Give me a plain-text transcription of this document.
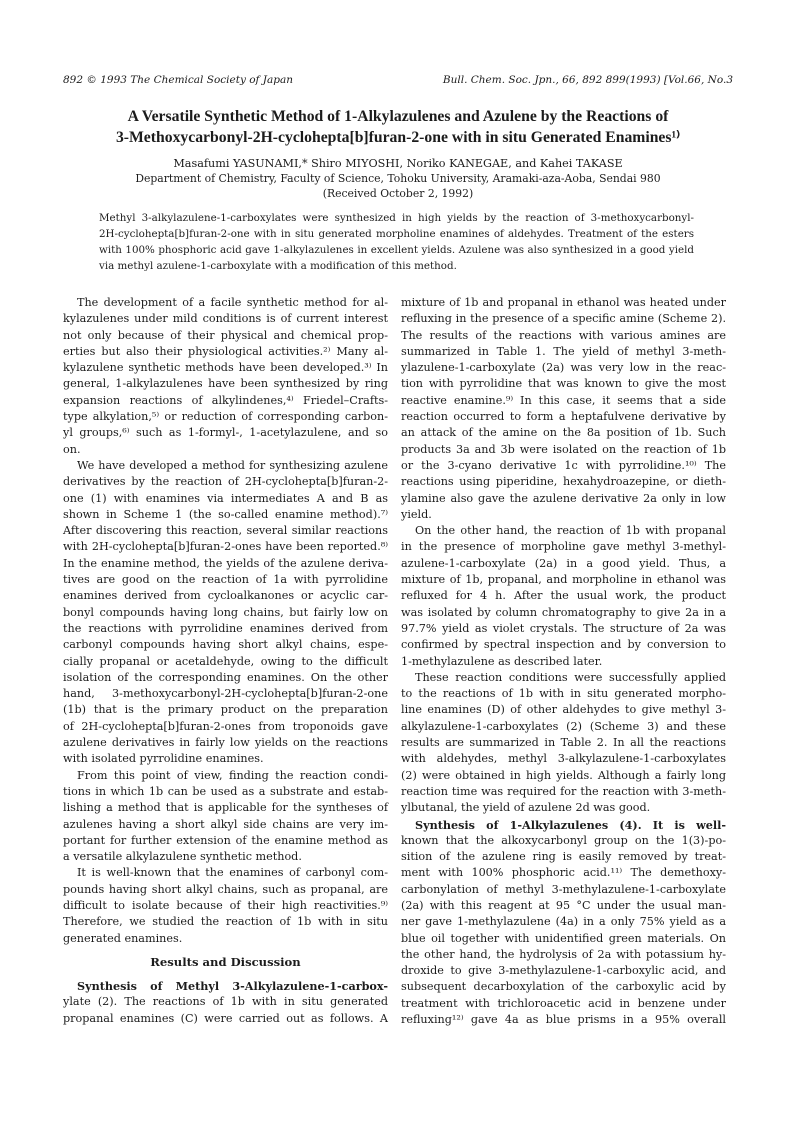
892 © 1993 The Chemical Society of Japan	Bull. Chem. Soc. Jpn., 66, 892 899(1993) [Vol.66, No.3
A Versatile Synthetic Method of 1-Alkylazulenes and Azulene by the Reactions of
3-Methoxycarbonyl-2H-cyclohepta[b]furan-2-one with in situ Generated Enamines¹⁾
Masafumi YASUNAMI,* Shiro MIYOSHI, Noriko KANEGAE, and Kahei TAKASE
Department of Chemistry, Faculty of Science, Tohoku University, Aramaki-aza-Aoba, Sendai 980
(Received October 2, 1992)
Methyl 3-alkylazulene-1-carboxylates were synthesized in high yields by the reaction of 3-methoxycarbonyl-
2H-cyclohepta[b]furan-2-one with in situ generated morpholine enamines of aldehydes. Treatment of the esters
with 100% phosphoric acid gave 1-alkylazulenes in excellent yields. Azulene was also synthesized in a good yield
via methyl azulene-1-carboxylate with a modification of this method.
The development of a facile synthetic method for al-
kylazulenes under mild conditions is of current interest
not only because of their physical and chemical prop-
erties but also their physiological activities.²⁾ Many al-
kylazulene synthetic methods have been developed.³⁾ In
general, 1-alkylazulenes have been synthesized by ring
expansion reactions of alkylindenes,⁴⁾ Friedel–Crafts-
type alkylation,⁵⁾ or reduction of corresponding carbon-
yl groups,⁶⁾ such as 1-formyl-, 1-acetylazulene, and so
on.
We have developed a method for synthesizing azulene
derivatives by the reaction of 2H-cyclohepta[b]furan-2-
one (1) with enamines via intermediates A and B as
shown in Scheme 1 (the so-called enamine method).⁷⁾
After discovering this reaction, several similar reactions
with 2H-cyclohepta[b]furan-2-ones have been reported.⁸⁾
In the enamine method, the yields of the azulene deriva-
tives are good on the reaction of 1a with pyrrolidine
enamines derived from cycloalkanones or acyclic car-
bonyl compounds having long chains, but fairly low on
the reactions with pyrrolidine enamines derived from
carbonyl compounds having short alkyl chains, espe-
cially propanal or acetaldehyde, owing to the difficult
isolation of the corresponding enamines. On the other
hand, 3-methoxycarbonyl-2H-cyclohepta[b]furan-2-one
(1b) that is the primary product on the preparation
of 2H-cyclohepta[b]furan-2-ones from troponoids gave
azulene derivatives in fairly low yields on the reactions
with isolated pyrrolidine enamines.
From this point of view, finding the reaction condi-
tions in which 1b can be used as a substrate and estab-
lishing a method that is applicable for the syntheses of
azulenes having a short alkyl side chains are very im-
portant for further extension of the enamine method as
a versatile alkylazulene synthetic method.
It is well-known that the enamines of carbonyl com-
pounds having short alkyl chains, such as propanal, are
difficult to isolate because of their high reactivities.⁹⁾
Therefore, we studied the reaction of 1b with in situ
generated enamines.
Results and Discussion
Synthesis of Methyl 3-Alkylazulene-1-carbox-
ylate (2). The reactions of 1b with in situ generated
propanal enamines (C) were carried out as follows. A
mixture of 1b and propanal in ethanol was heated under
refluxing in the presence of a specific amine (Scheme 2).
The results of the reactions with various amines are
summarized in Table 1. The yield of methyl 3-meth-
ylazulene-1-carboxylate (2a) was very low in the reac-
tion with pyrrolidine that was known to give the most
reactive enamine.⁹⁾ In this case, it seems that a side
reaction occurred to form a heptafulvene derivative by
an attack of the amine on the 8a position of 1b. Such
products 3a and 3b were isolated on the reaction of 1b
or the 3-cyano derivative 1c with pyrrolidine.¹⁰⁾ The
reactions using piperidine, hexahydroazepine, or dieth-
ylamine also gave the azulene derivative 2a only in low
yield.
On the other hand, the reaction of 1b with propanal
in the presence of morpholine gave methyl 3-methyl-
azulene-1-carboxylate (2a) in a good yield. Thus, a
mixture of 1b, propanal, and morpholine in ethanol was
refluxed for 4 h. After the usual work, the product
was isolated by column chromatography to give 2a in a
97.7% yield as violet crystals. The structure of 2a was
confirmed by spectral inspection and by conversion to
1-methylazulene as described later.
These reaction conditions were successfully applied
to the reactions of 1b with in situ generated morpho-
line enamines (D) of other aldehydes to give methyl 3-
alkylazulene-1-carboxylates (2) (Scheme 3) and these
results are summarized in Table 2. In all the reactions
with aldehydes, methyl 3-alkylazulene-1-carboxylates
(2) were obtained in high yields. Although a fairly long
reaction time was required for the reaction with 3-meth-
ylbutanal, the yield of azulene 2d was good.
Synthesis of 1-Alkylazulenes (4). It is well-
known that the alkoxycarbonyl group on the 1(3)-po-
sition of the azulene ring is easily removed by treat-
ment with 100% phosphoric acid.¹¹⁾ The demethoxy-
carbonylation of methyl 3-methylazulene-1-carboxylate
(2a) with this reagent at 95 °C under the usual man-
ner gave 1-methylazulene (4a) in a only 75% yield as a
blue oil together with unidentified green materials. On
the other hand, the hydrolysis of 2a with potassium hy-
droxide to give 3-methylazulene-1-carboxylic acid, and
subsequent decarboxylation of the carboxylic acid by
treatment with trichloroacetic acid in benzene under
refluxing¹²⁾ gave 4a as blue prisms in a 95% overall
